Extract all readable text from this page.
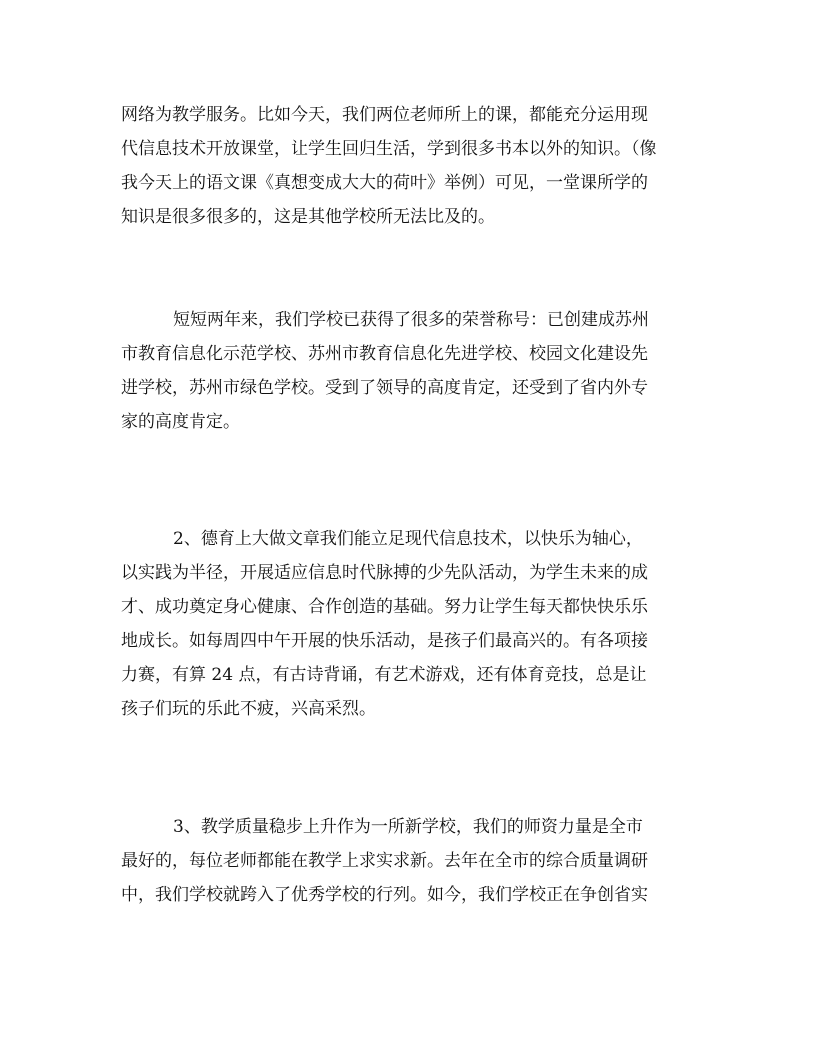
网络为教学服务。比如今天，我们两位老师所上的课，都能充分运用现
代信息技术开放课堂，让学生回归生活，学到很多书本以外的知识。（像
我今天上的语文课《真想变成大大的荷叶》举例）可见，一堂课所学的
知识是很多很多的，这是其他学校所无法比及的。
短短两年来，我们学校已获得了很多的荣誉称号：已创建成苏州
市教育信息化示范学校、苏州市教育信息化先进学校、校园文化建设先
进学校，苏州市绿色学校。受到了领导的高度肯定，还受到了省内外专
家的高度肯定。
2、德育上大做文章我们能立足现代信息技术，以快乐为轴心，
以实践为半径，开展适应信息时代脉搏的少先队活动，为学生未来的成
才、成功奠定身心健康、合作创造的基础。努力让学生每天都快快乐乐
地成长。如每周四中午开展的快乐活动，是孩子们最高兴的。有各项接
力赛，有算 24 点，有古诗背诵，有艺术游戏，还有体育竞技，总是让
孩子们玩的乐此不疲，兴高采烈。
3、教学质量稳步上升作为一所新学校，我们的师资力量是全市
最好的，每位老师都能在教学上求实求新。去年在全市的综合质量调研
中，我们学校就跨入了优秀学校的行列。如今，我们学校正在争创省实
